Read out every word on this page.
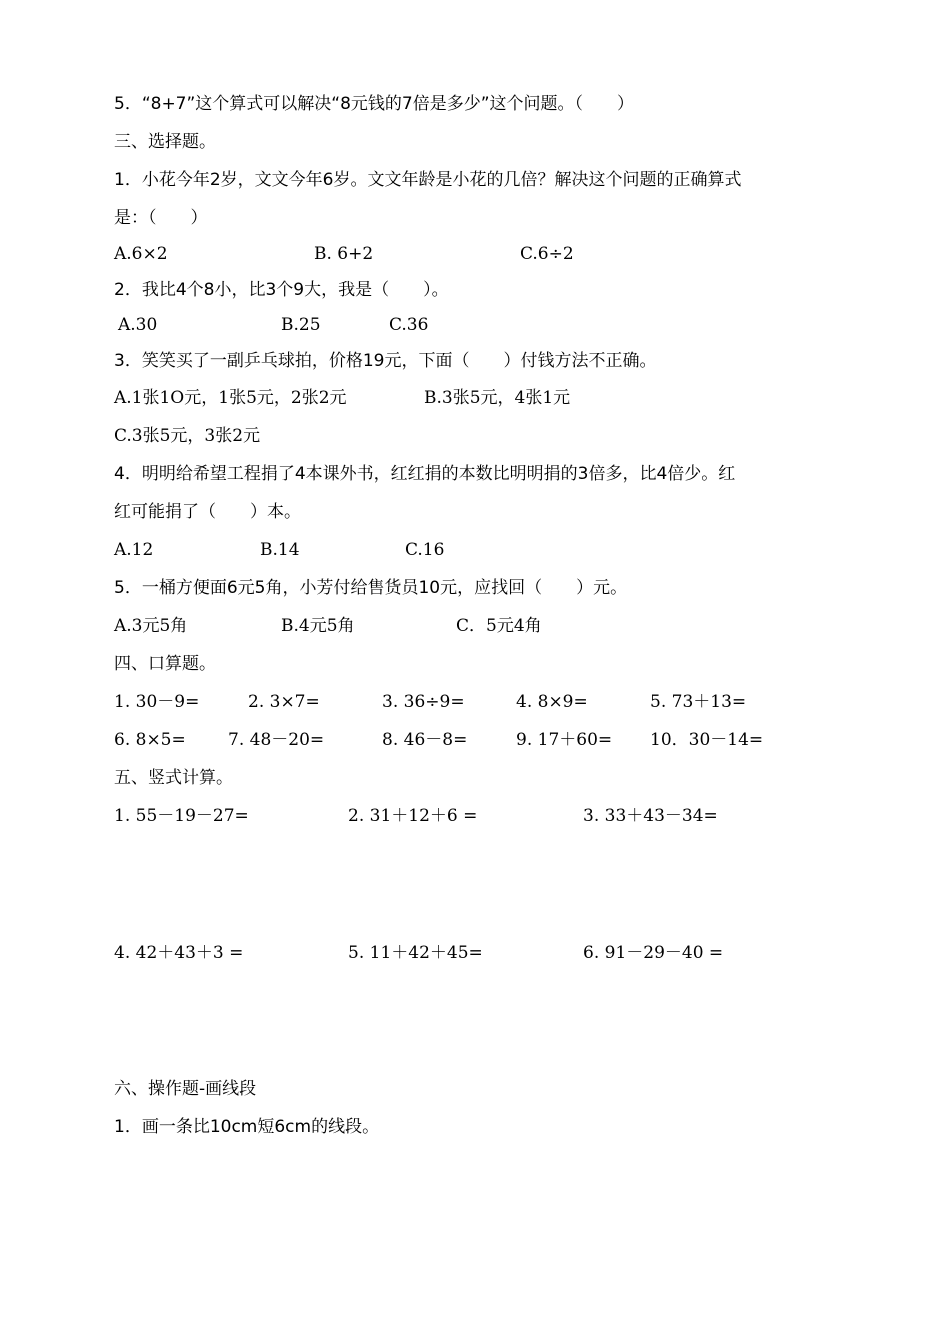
5．“8+7”这个算式可以解决“8元钱的7倍是多少”这个问题。（　　）
三、选择题。
1．小花今年2岁，文文今年6岁。文文年龄是小花的几倍？解决这个问题的正确算式
是：（　　）
A.6×2	B. 6+2	C.6÷2
2．我比4个8小，比3个9大，我是（　　）。
A.30	B.25	C.36
3．笑笑买了一副乒乓球拍，价格19元，下面（　　）付钱方法不正确。
A.1张1O元，1张5元，2张2元	B.3张5元，4张1元
C.3张5元，3张2元
4．明明给希望工程捐了4本课外书，红红捐的本数比明明捐的3倍多，比4倍少。红
红可能捐了（　　）本。
A.12	B.14	C.16
5．一桶方便面6元5角，小芳付给售货员10元，应找回（　　）元。
A.3元5角	B.4元5角	C．5元4角
四、口算题。
1. 30－9=	2. 3×7=	3. 36÷9=	4. 8×9=	5. 73＋13=
6. 8×5= 7. 48－20=	8. 46－8=	9. 17＋60= 10．30－14=
五、竖式计算。
1. 55－19－27=	2. 31＋12＋6 =	3. 33＋43－34=
4. 42＋43＋3 =	5. 11＋42＋45=	6. 91－29－40 =
六、操作题-画线段
1．画一条比10cm短6cm的线段。
